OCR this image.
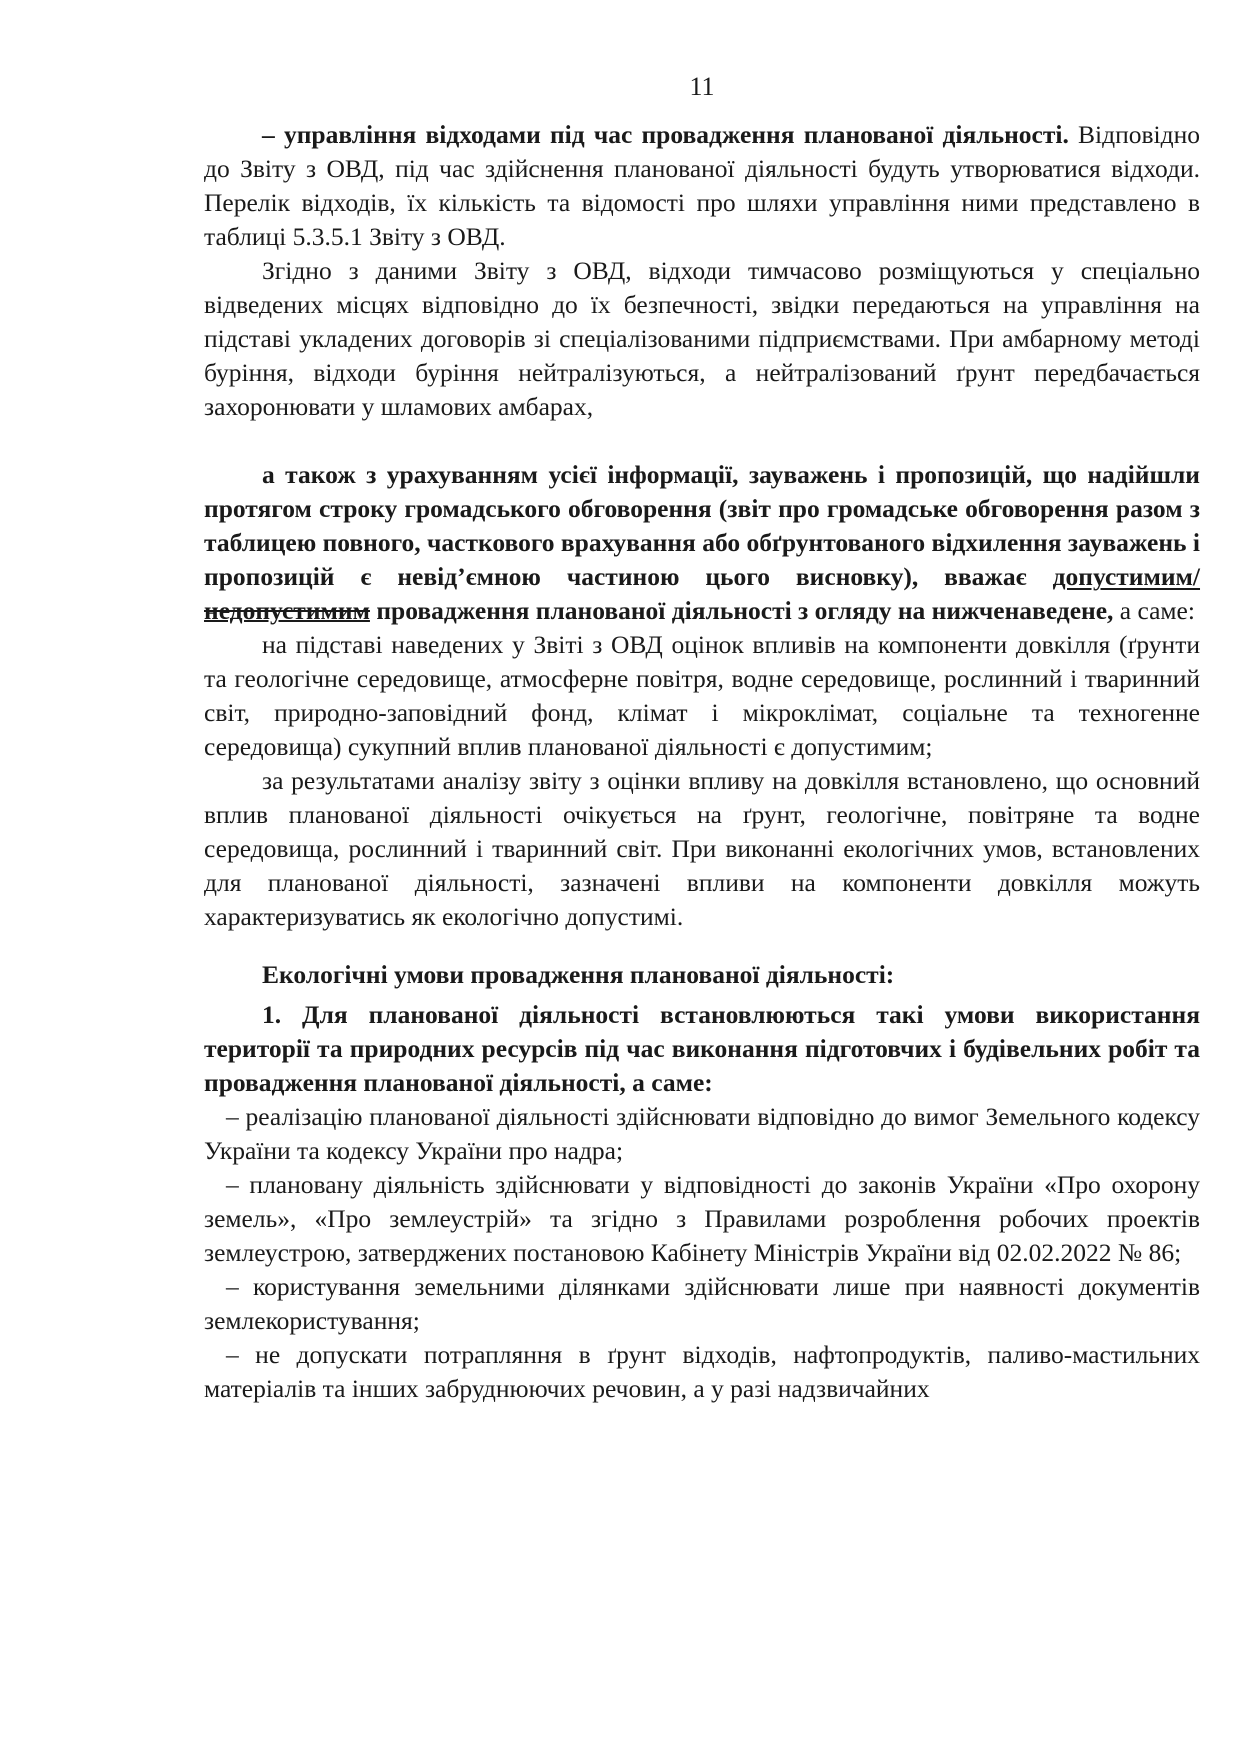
11

– управління відходами під час провадження планованої діяльності. Відповідно до Звіту з ОВД, під час здійснення планованої діяльності будуть утворюватися відходи. Перелік відходів, їх кількість та відомості про шляхи управління ними представлено в таблиці 5.3.5.1 Звіту з ОВД.

Згідно з даними Звіту з ОВД, відходи тимчасово розміщуються у спеціально відведених місцях відповідно до їх безпечності, звідки передаються на управління на підставі укладених договорів зі спеціалізованими підприємствами. При амбарному методі буріння, відходи буріння нейтралізуються, а нейтралізований ґрунт передбачається захоронювати у шламових амбарах,

а також з урахуванням усієї інформації, зауважень і пропозицій, що надійшли протягом строку громадського обговорення (звіт про громадське обговорення разом з таблицею повного, часткового врахування або обґрунтованого відхилення зауважень і пропозицій є невід’ємною частиною цього висновку), вважає допустимим/недопустимим провадження планованої діяльності з огляду на нижченаведене, а саме:

на підставі наведених у Звіті з ОВД оцінок впливів на компоненти довкілля (ґрунти та геологічне середовище, атмосферне повітря, водне середовище, рослинний і тваринний світ, природно-заповідний фонд, клімат і мікроклімат, соціальне та техногенне середовища) сукупний вплив планованої діяльності є допустимим;

за результатами аналізу звіту з оцінки впливу на довкілля встановлено, що основний вплив планованої діяльності очікується на ґрунт, геологічне, повітряне та водне середовища, рослинний і тваринний світ. При виконанні екологічних умов, встановлених для планованої діяльності, зазначені впливи на компоненти довкілля можуть характеризуватись як екологічно допустимі.

Екологічні умови провадження планованої діяльності:

1. Для планованої діяльності встановлюються такі умови використання території та природних ресурсів під час виконання підготовчих і будівельних робіт та провадження планованої діяльності, а саме:

– реалізацію планованої діяльності здійснювати відповідно до вимог Земельного кодексу України та кодексу України про надра;

– плановану діяльність здійснювати у відповідності до законів України «Про охорону земель», «Про землеустрій» та згідно з Правилами розроблення робочих проектів землеустрою, затверджених постановою Кабінету Міністрів України від 02.02.2022 № 86;

– користування земельними ділянками здійснювати лише при наявності документів землекористування;

– не допускати потрапляння в ґрунт відходів, нафтопродуктів, паливо-мастильних матеріалів та інших забруднюючих речовин, а у разі надзвичайних
